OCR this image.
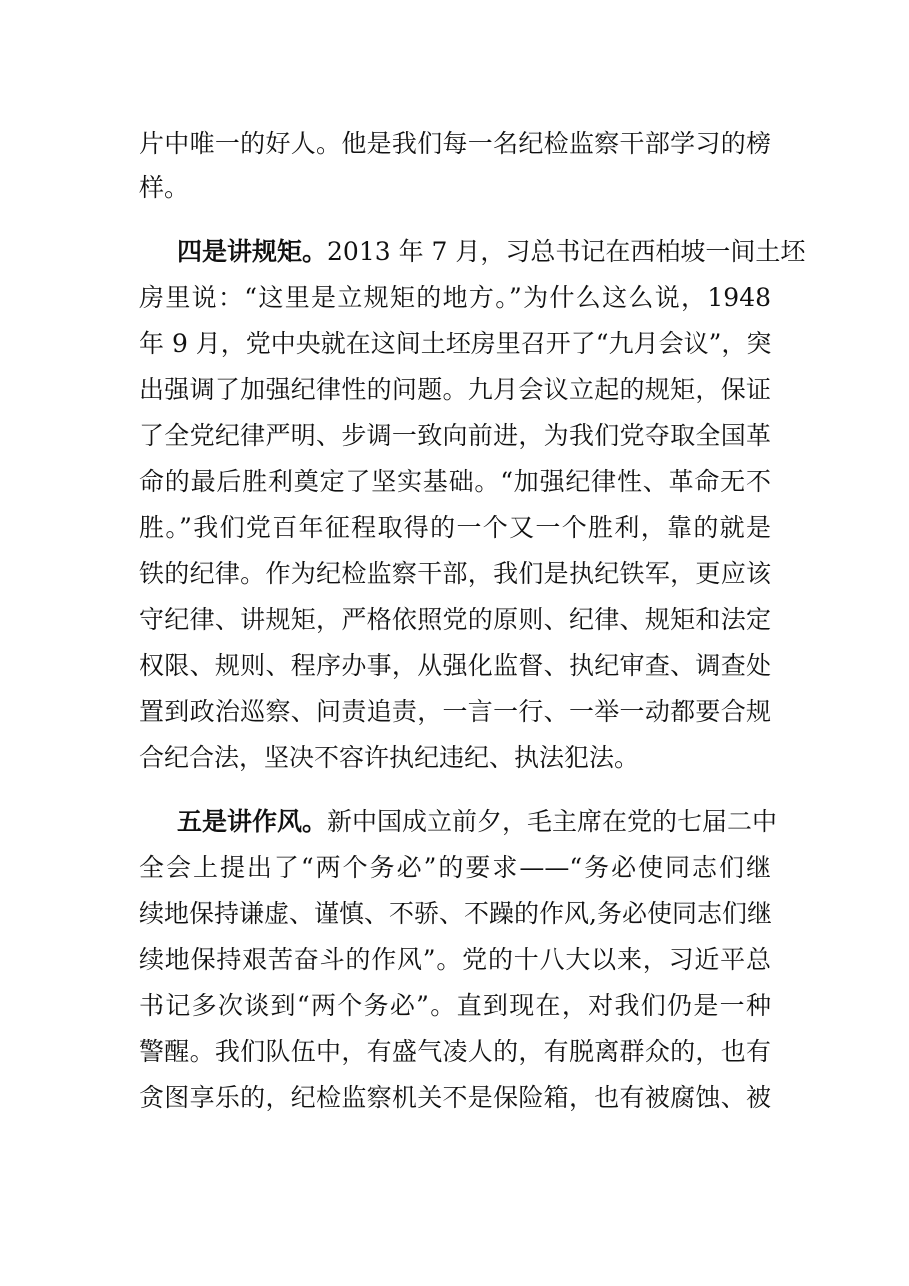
片中唯一的好人。他是我们每一名纪检监察干部学习的榜
样。
四是讲规矩。2013 年 7 月，习总书记在西柏坡一间土坯
房里说：“这里是立规矩的地方。”为什么这么说，1948
年 9 月，党中央就在这间土坯房里召开了“九月会议”，突
出强调了加强纪律性的问题。九月会议立起的规矩，保证
了全党纪律严明、步调一致向前进，为我们党夺取全国革
命的最后胜利奠定了坚实基础。“加强纪律性、革命无不
胜。”我们党百年征程取得的一个又一个胜利，靠的就是
铁的纪律。作为纪检监察干部，我们是执纪铁军，更应该
守纪律、讲规矩，严格依照党的原则、纪律、规矩和法定
权限、规则、程序办事，从强化监督、执纪审查、调查处
置到政治巡察、问责追责，一言一行、一举一动都要合规
合纪合法，坚决不容许执纪违纪、执法犯法。
五是讲作风。新中国成立前夕，毛主席在党的七届二中
全会上提出了“两个务必”的要求——“务必使同志们继
续地保持谦虚、谨慎、不骄、不躁的作风,务必使同志们继
续地保持艰苦奋斗的作风”。党的十八大以来，习近平总
书记多次谈到“两个务必”。直到现在，对我们仍是一种
警醒。我们队伍中，有盛气凌人的，有脱离群众的，也有
贪图享乐的，纪检监察机关不是保险箱，也有被腐蚀、被
